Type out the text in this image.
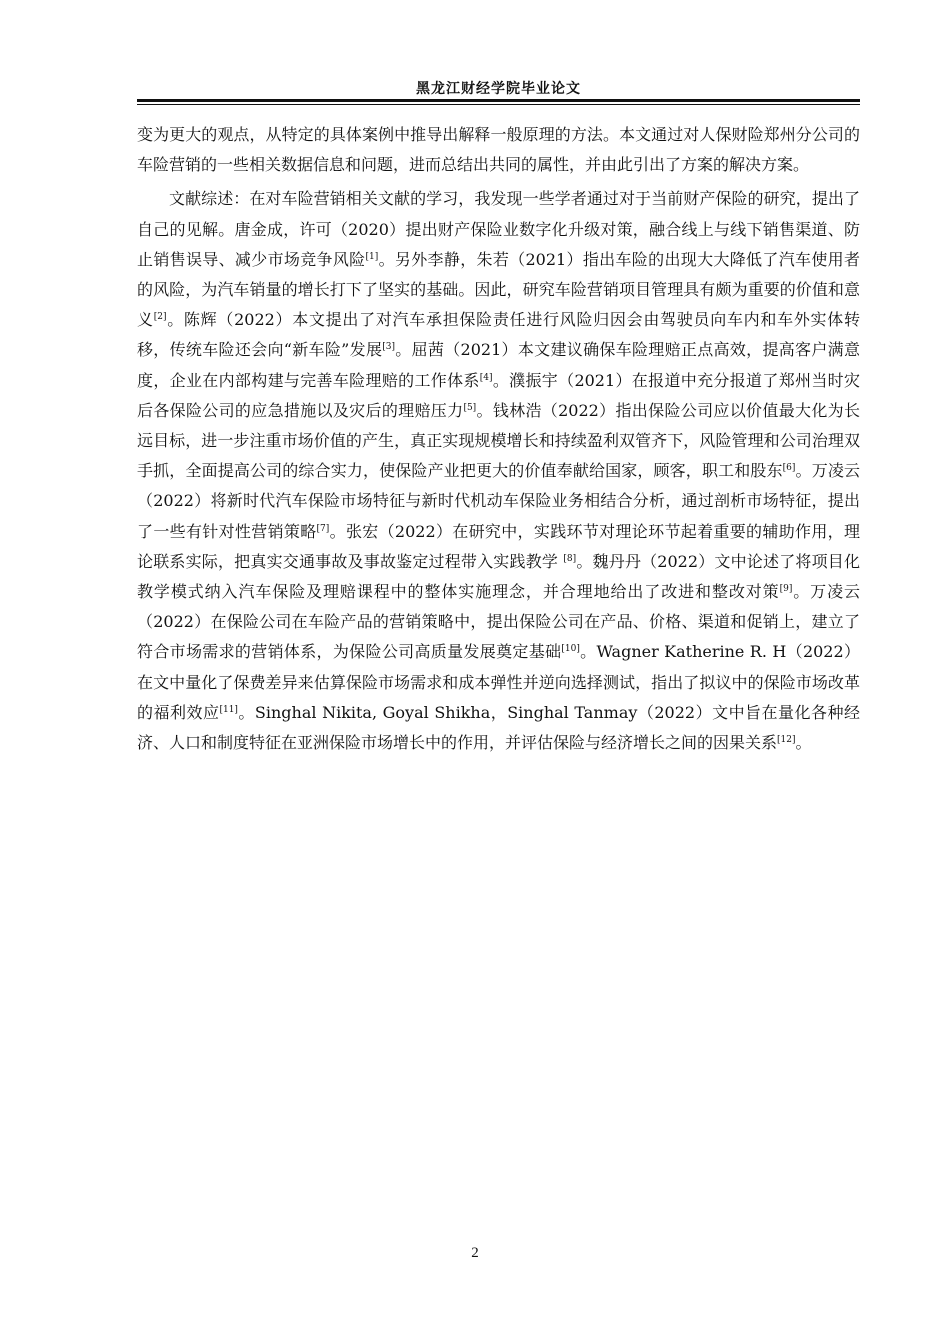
黑龙江财经学院毕业论文

变为更大的观点，从特定的具体案例中推导出解释一般原理的方法。本文通过对人保财险郑州分公司的车险营销的一些相关数据信息和问题，进而总结出共同的属性，并由此引出了方案的解决方案。

文献综述：在对车险营销相关文献的学习，我发现一些学者通过对于当前财产保险的研究，提出了自己的见解。唐金成，许可（2020）提出财产保险业数字化升级对策，融合线上与线下销售渠道、防止销售误导、减少市场竞争风险[1]。另外李静，朱若（2021）指出车险的出现大大降低了汽车使用者的风险，为汽车销量的增长打下了坚实的基础。因此，研究车险营销项目管理具有颇为重要的价值和意义[2]。陈辉（2022）本文提出了对汽车承担保险责任进行风险归因会由驾驶员向车内和车外实体转移，传统车险还会向“新车险”发展[3]。屈茜（2021）本文建议确保车险理赔正点高效，提高客户满意度，企业在内部构建与完善车险理赔的工作体系[4]。濮振宇（2021）在报道中充分报道了郑州当时灾后各保险公司的应急措施以及灾后的理赔压力[5]。钱林浩（2022）指出保险公司应以价值最大化为长远目标，进一步注重市场价值的产生，真正实现规模增长和持续盈利双管齐下，风险管理和公司治理双手抓，全面提高公司的综合实力，使保险产业把更大的价值奉献给国家，顾客，职工和股东[6]。万凌云（2022）将新时代汽车保险市场特征与新时代机动车保险业务相结合分析，通过剖析市场特征，提出了一些有针对性营销策略[7]。张宏（2022）在研究中，实践环节对理论环节起着重要的辅助作用，理论联系实际，把真实交通事故及事故鉴定过程带入实践教学 [8]。魏丹丹（2022）文中论述了将项目化教学模式纳入汽车保险及理赔课程中的整体实施理念，并合理地给出了改进和整改对策[9]。万凌云（2022）在保险公司在车险产品的营销策略中，提出保险公司在产品、价格、渠道和促销上，建立了符合市场需求的营销体系，为保险公司高质量发展奠定基础[10]。Wagner Katherine R. H（2022）在文中量化了保费差异来估算保险市场需求和成本弹性并逆向选择测试，指出了拟议中的保险市场改革的福利效应[11]。Singhal Nikita, Goyal Shikha，Singhal Tanmay（2022）文中旨在量化各种经济、人口和制度特征在亚洲保险市场增长中的作用，并评估保险与经济增长之间的因果关系[12]。

2
